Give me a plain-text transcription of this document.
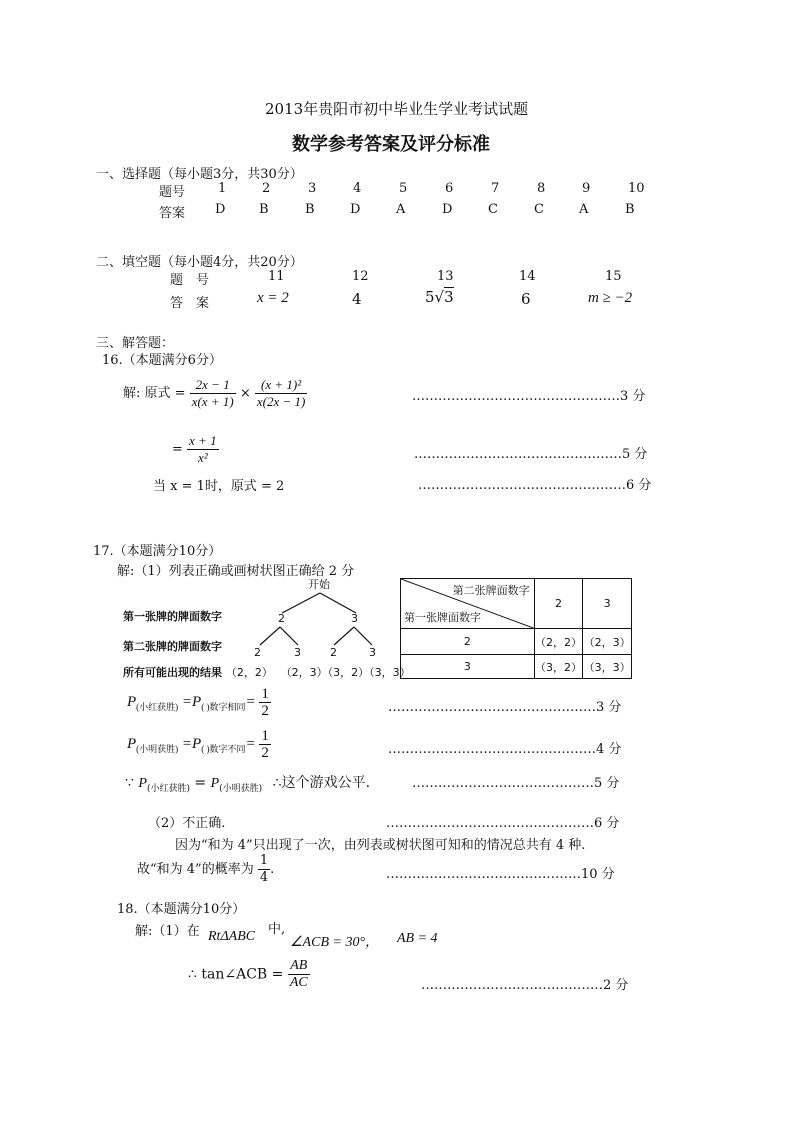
2013年贵阳市初中毕业生学业考试试题
数学参考答案及评分标准
一、选择题（每小题3分，共30分）
题号
答案
1	2	3	4	5	6	7	8	9	10
D	B	B	D	A	D	C	C	A	B
二、填空题（每小题4分，共20分）
题　号
答　案
11	12	13	14	15
x = 2	4	5√3	6	m ≥ −2
三、解答题：
16.（本题满分6分）
解: 原式 = $\frac{2x - 1}{x(x + 1)} \times \frac{\text{(x + 1)²}}{x(2x - 1)}$	…………………………………………3 分
= $\frac{x + 1}{\text{x²}}$	…………………………………………5 分
当 x = 1时，原式 = 2	…………………………………………6 分
17.（本题满分10分）
解:（1）列表正确或画树状图正确给 2 分
开始
第一张牌的牌面数字	2	3
第二张牌的牌面数字	2	3	2	3
所有可能出现的结果 （2，2） （2，3）（3，2）（3，3）
第二张牌面数字
第一张牌面数字	2	3
2	（2，2）	（2，3）
3	（3，2）	（3，3）
$P_{(小红获胜)} =P_{( )数字相同}= \frac{1}{2}$	…………………………………………3 分
$P_{(小明获胜)} =P_{( )数字不同}= \frac{1}{2}$	…………………………………………4 分
∵ $P_{(小红获胜)} = P_{(小明获胜)}$ ∴这个游戏公平.	……………………………………5 分
（2）不正确.	…………………………………………6 分
因为“和为 4”只出现了一次，由列表或树状图可知和的情况总共有 4 种.
故“和为 4”的概率为 $\frac{1}{4}$ .	………………………………………10 分
18.（本题满分10分）
解:（1）在 RtΔABC 中,
∠ACB = 30°， AB = 4
∴ tan∠ACB = $\frac{AB}{AC}$	……………………………………2 分
